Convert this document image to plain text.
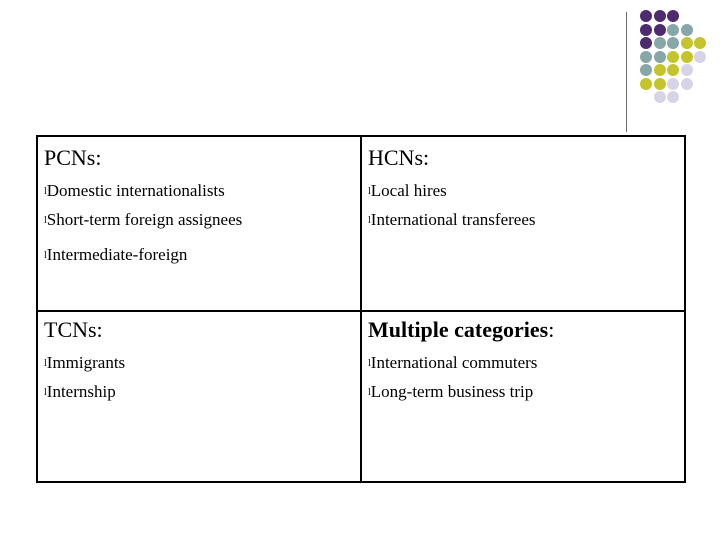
PCNs:
lDomestic internationalists
lShort-term foreign assignees
lIntermediate-foreign
HCNs:
lLocal hires
lInternational transferees
TCNs:
lImmigrants
lInternship
Multiple categories:
lInternational commuters
lLong-term business trip
